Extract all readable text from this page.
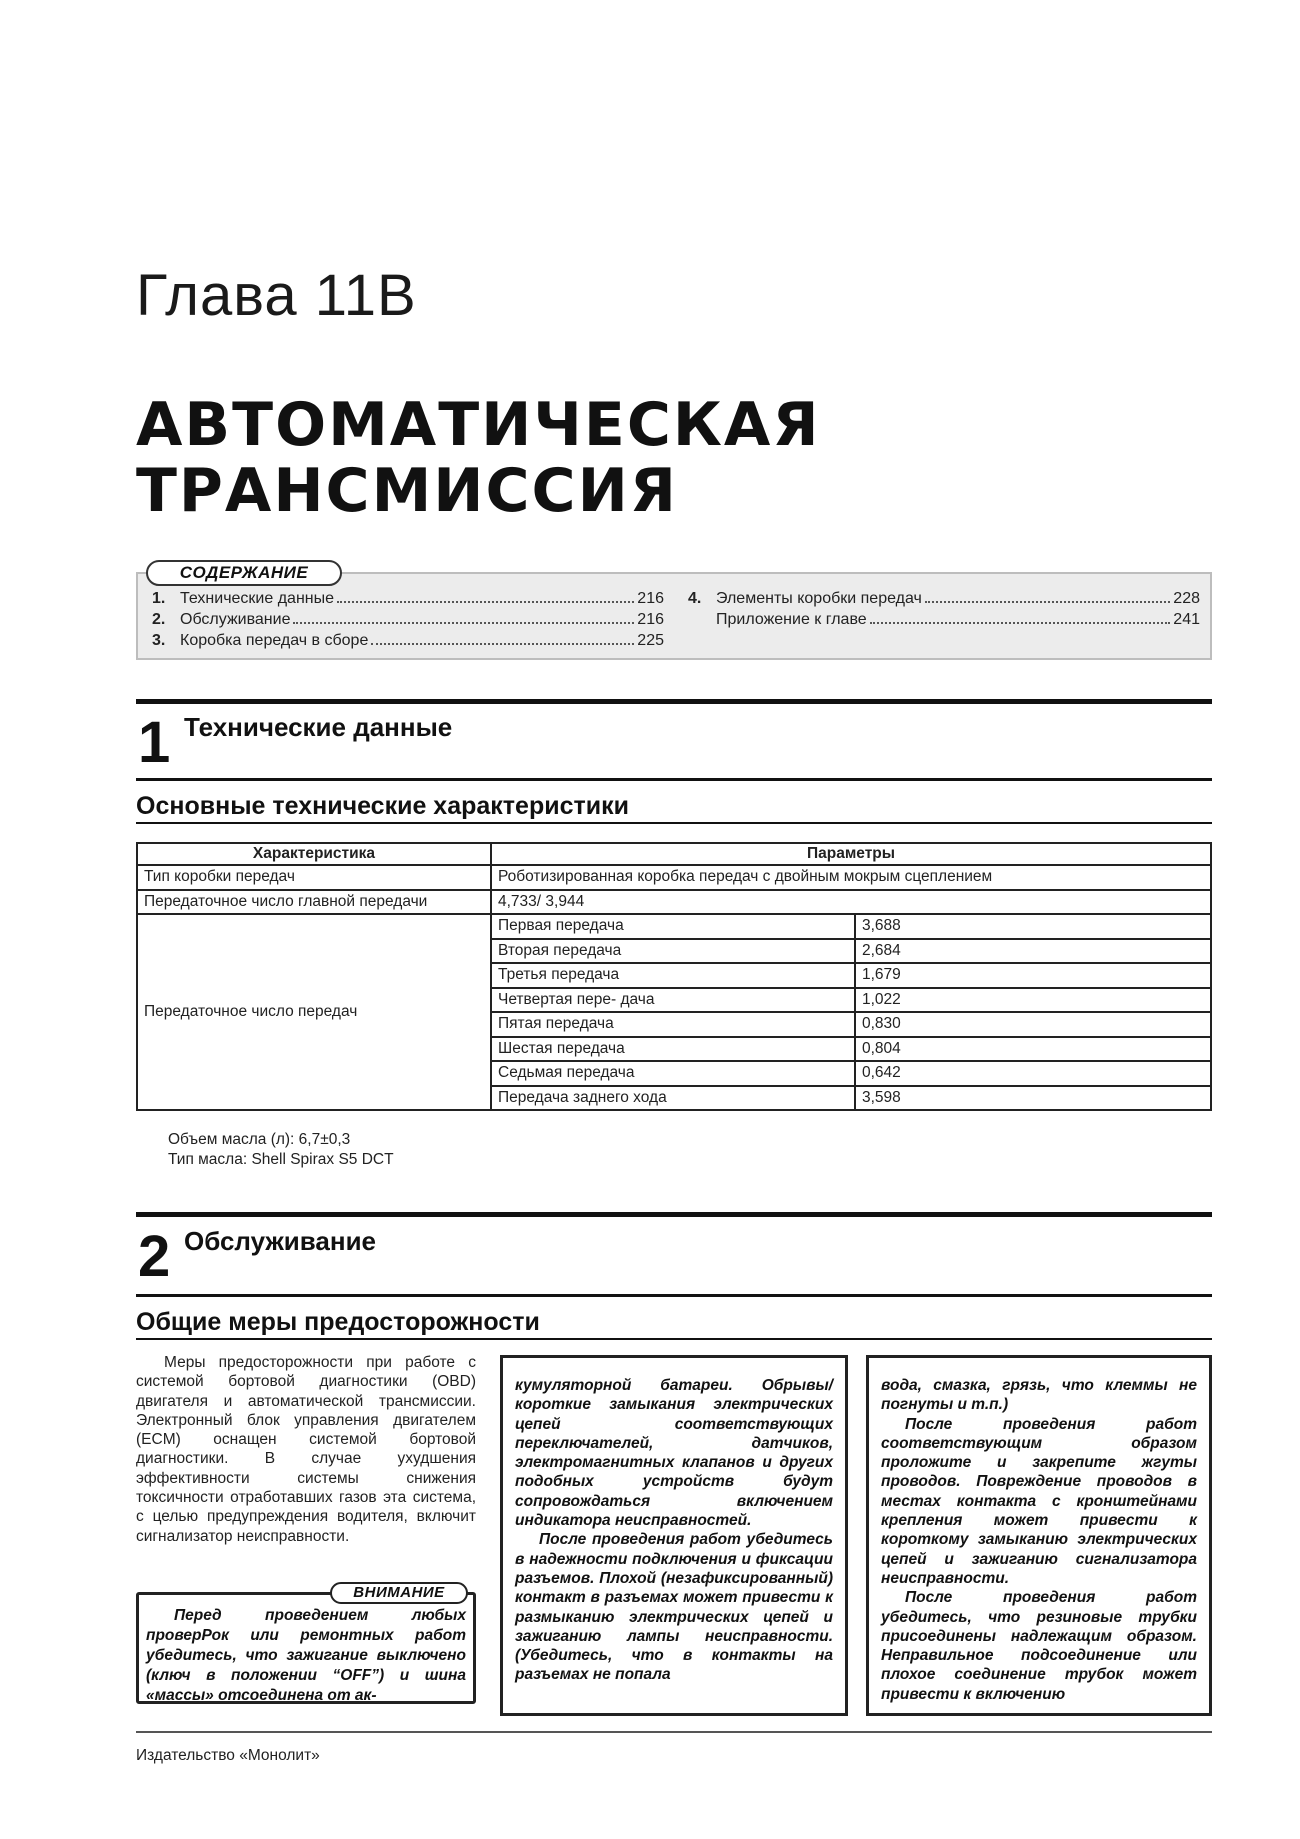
Глава 11В
АВТОМАТИЧЕСКАЯ
ТРАНСМИССИЯ
СОДЕРЖАНИЕ
1. Технические данные	216
2. Обслуживание	216
3. Коробка передач в сборе	225
4. Элементы коробки передач	228
Приложение к главе	241
1 Технические данные
Основные технические характеристики
Характеристика	Параметры	
Тип коробки передач	Роботизированная коробка передач с двойным мокрым сцеплением	
Передаточное число главной передачи	4,733/ 3,944	
Передаточное число передач	Первая передача	3,688
	Вторая передача	2,684
	Третья передача	1,679
	Четвертая пере- дача	1,022
	Пятая передача	0,830
	Шестая передача	0,804
	Седьмая передача	0,642
	Передача заднего хода	3,598
Объем масла (л): 6,7±0,3
Тип масла: Shell Spirax S5 DCT
2 Обслуживание
Общие меры предосторожности
Меры предосторожности при работе с системой бортовой диагностики (OBD) двигателя и автоматической трансмиссии. Электронный блок управления двигателем (ECM) оснащен системой бортовой диагностики. В случае ухудшения эффективности системы снижения токсичности отработавших газов эта система, с целью предупреждения водителя, включит сигнализатор неисправности.
ВНИМАНИЕ
Перед проведением любых проверРок или ремонтных работ убедитесь, что зажигание выключено (ключ в положении “OFF”) и шина «массы» отсоединена от ак-

кумуляторной батареи. Обрывы/ короткие замыкания электрических цепей соответствующих переключателей, датчиков, электромагнитных клапанов и других подобных устройств будут сопровождаться включением индикатора неисправностей.

После проведения работ убедитесь в надежности подключения и фиксации разъемов. Плохой (незафиксированный) контакт в разъемах может привести к размыканию электрических цепей и зажиганию лампы неисправности. (Убедитесь, что в контакты на разъемах не попала

вода, смазка, грязь, что клеммы не погнуты и т.п.)

После проведения работ соответствующим образом проложите и закрепите жгуты проводов. Повреждение проводов в местах контакта с кронштейнами крепления может привести к короткому замыканию электрических цепей и зажиганию сигнализатора неисправности.

После проведения работ убедитесь, что резиновые трубки присоединены надлежащим образом. Неправильное подсоединение или плохое соединение трубок может привести к включению

Издательство «Монолит»
